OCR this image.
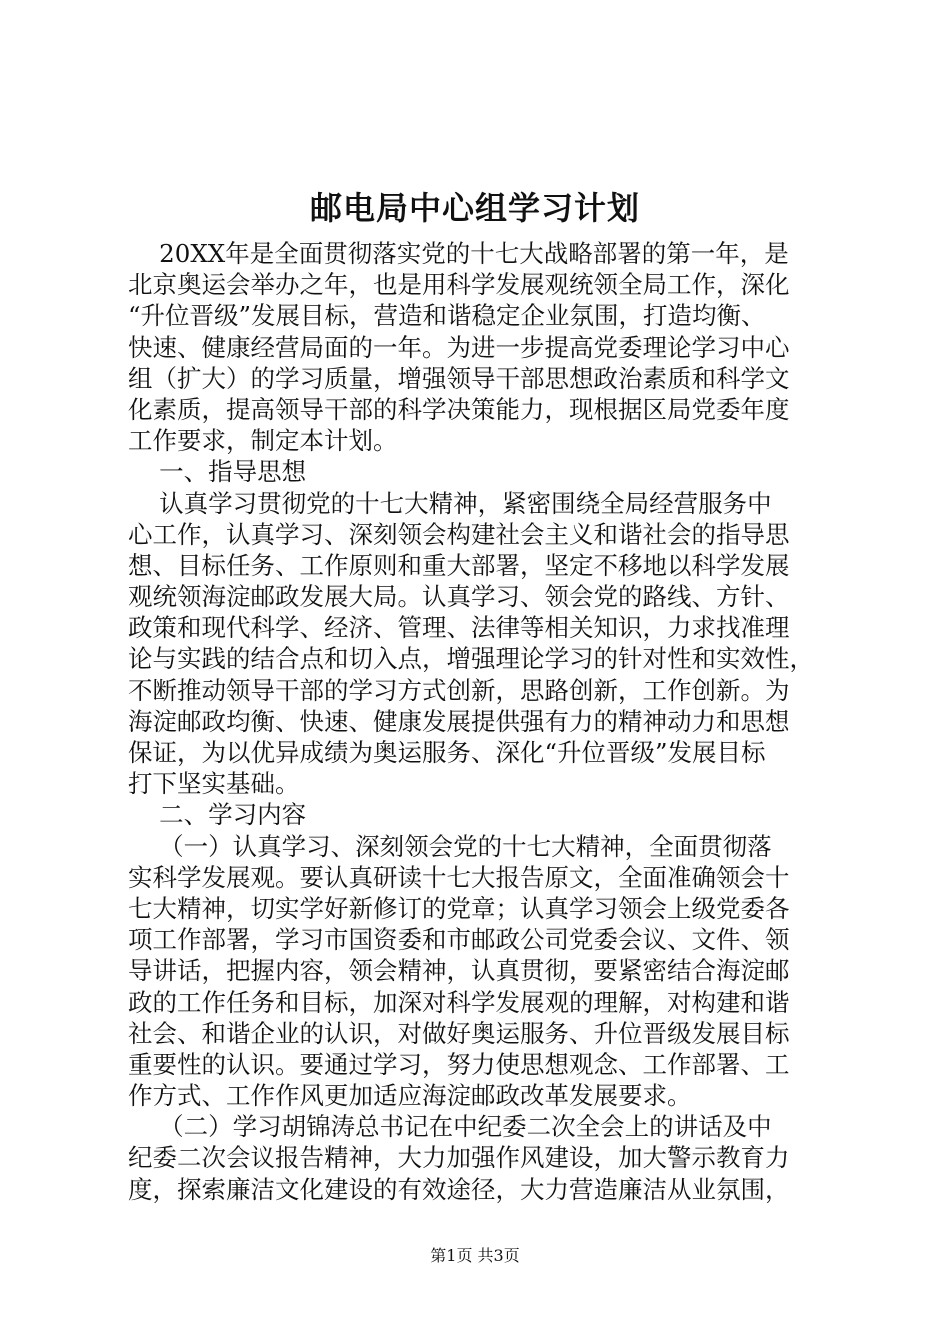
邮电局中心组学习计划
20XX年是全面贯彻落实党的十七大战略部署的第一年，是
北京奥运会举办之年，也是用科学发展观统领全局工作，深化
“升位晋级”发展目标，营造和谐稳定企业氛围，打造均衡、
快速、健康经营局面的一年。为进一步提高党委理论学习中心
组（扩大）的学习质量，增强领导干部思想政治素质和科学文
化素质，提高领导干部的科学决策能力，现根据区局党委年度
工作要求，制定本计划。
一、指导思想
认真学习贯彻党的十七大精神，紧密围绕全局经营服务中
心工作，认真学习、深刻领会构建社会主义和谐社会的指导思
想、目标任务、工作原则和重大部署，坚定不移地以科学发展
观统领海淀邮政发展大局。认真学习、领会党的路线、方针、
政策和现代科学、经济、管理、法律等相关知识，力求找准理
论与实践的结合点和切入点，增强理论学习的针对性和实效性，
不断推动领导干部的学习方式创新，思路创新，工作创新。为
海淀邮政均衡、快速、健康发展提供强有力的精神动力和思想
保证，为以优异成绩为奥运服务、深化“升位晋级”发展目标
打下坚实基础。
二、学习内容
（一）认真学习、深刻领会党的十七大精神，全面贯彻落
实科学发展观。要认真研读十七大报告原文，全面准确领会十
七大精神，切实学好新修订的党章；认真学习领会上级党委各
项工作部署，学习市国资委和市邮政公司党委会议、文件、领
导讲话，把握内容，领会精神，认真贯彻，要紧密结合海淀邮
政的工作任务和目标，加深对科学发展观的理解，对构建和谐
社会、和谐企业的认识，对做好奥运服务、升位晋级发展目标
重要性的认识。要通过学习，努力使思想观念、工作部署、工
作方式、工作作风更加适应海淀邮政改革发展要求。
（二）学习胡锦涛总书记在中纪委二次全会上的讲话及中
纪委二次会议报告精神，大力加强作风建设，加大警示教育力
度，探索廉洁文化建设的有效途径，大力营造廉洁从业氛围，
第1页 共3页
